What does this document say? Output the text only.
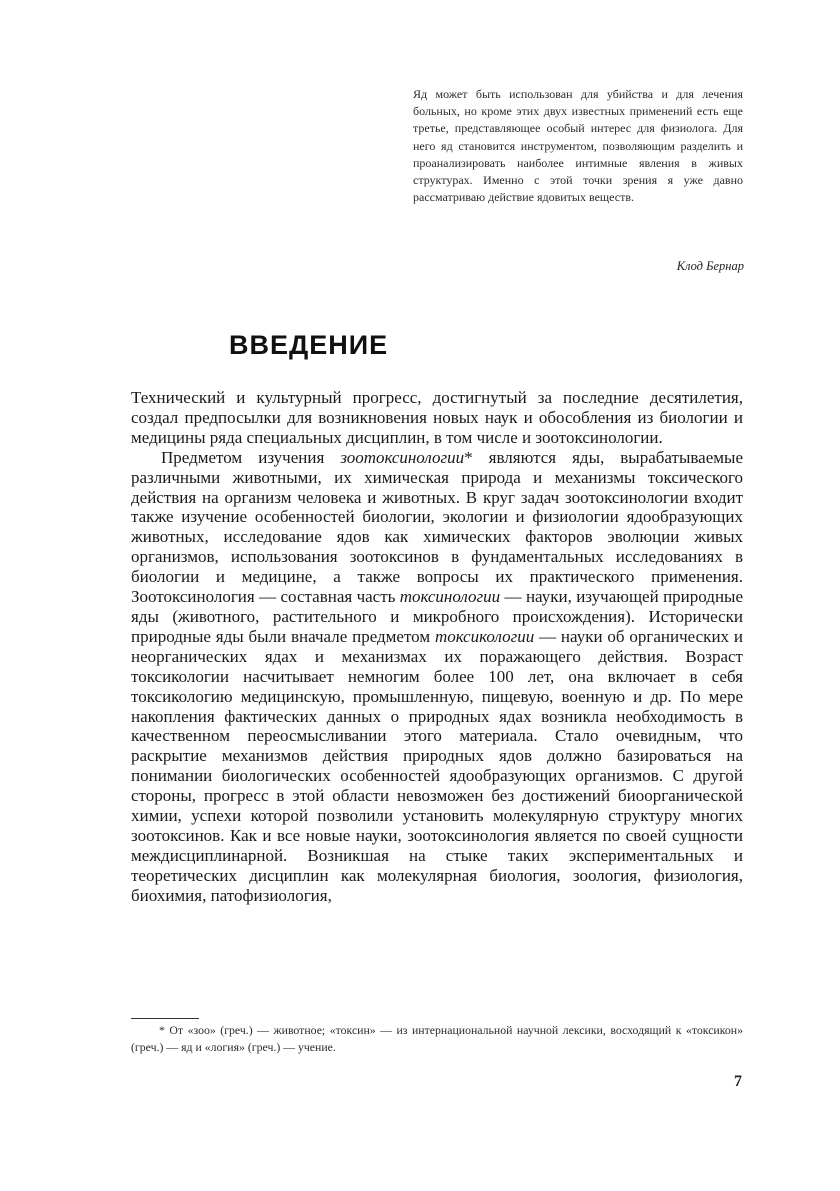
Яд может быть использован для убийства и для лечения больных, но кроме этих двух известных применений есть еще третье, представляющее особый интерес для физиолога. Для него яд становится инструментом, позволяющим разделить и проанализировать наиболее интимные явления в живых структурах. Именно с этой точки зрения я уже давно рассматриваю действие ядовитых веществ.
Клод Бернар
ВВЕДЕНИЕ

Технический и культурный прогресс, достигнутый за последние десятилетия, создал предпосылки для возникновения новых наук и обособления из биологии и медицины ряда специальных дисциплин, в том числе и зоотоксинологии.

Предметом изучения зоотоксинологии* являются яды, вырабатываемые различными животными, их химическая природа и механизмы токсического действия на организм человека и животных. В круг задач зоотоксинологии входит также изучение особенностей биологии, экологии и физиологии ядообразующих животных, исследование ядов как химических факторов эволюции живых организмов, использования зоотоксинов в фундаментальных исследованиях в биологии и медицине, а также вопросы их практического применения. Зоотоксинология — составная часть токсинологии — науки, изучающей природные яды (животного, растительного и микробного происхождения). Исторически природные яды были вначале предметом токсикологии — науки об органических и неорганических ядах и механизмах их поражающего действия. Возраст токсикологии насчитывает немногим более 100 лет, она включает в себя токсикологию медицинскую, промышленную, пищевую, военную и др. По мере накопления фактических данных о природных ядах возникла необходимость в качественном переосмысливании этого материала. Стало очевидным, что раскрытие механизмов действия природных ядов должно базироваться на понимании биологических особенностей ядообразующих организмов. С другой стороны, прогресс в этой области невозможен без достижений биоорганической химии, успехи которой позволили установить молекулярную структуру многих зоотоксинов. Как и все новые науки, зоотоксинология является по своей сущности междисциплинарной. Возникшая на стыке таких экспериментальных и теоретических дисциплин как молекулярная биология, зоология, физиология, биохимия, патофизиология,

* От «зоо» (греч.) — животное; «токсин» — из интернациональной научной лексики, восходящий к «токсикон» (греч.) — яд и «логия» (греч.) — учение.
7
